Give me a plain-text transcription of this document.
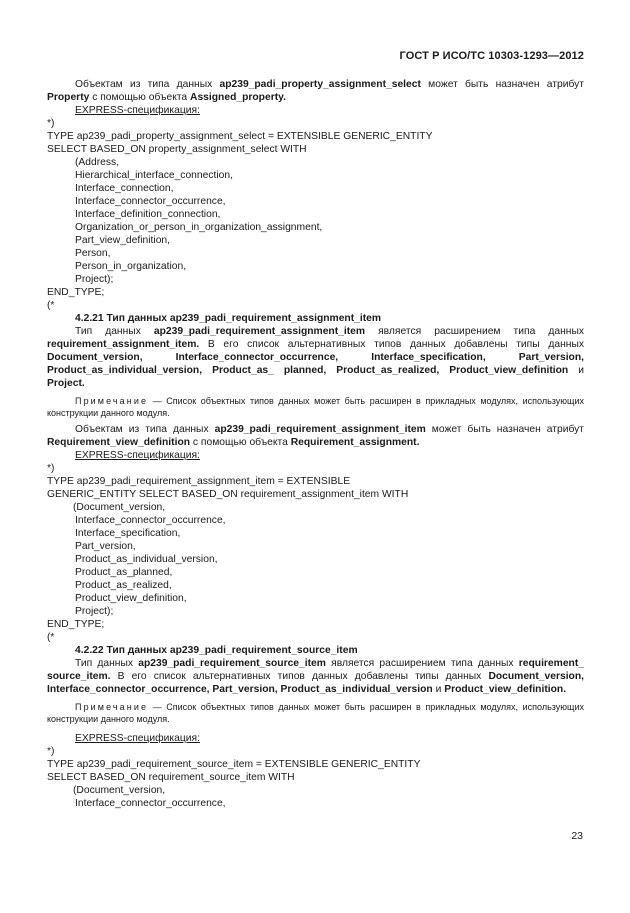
ГОСТ Р ИСО/ТС 10303-1293—2012

Объектам из типа данных ap239_padi_property_assignment_select может быть назначен атрибут Property с помощью объекта Assigned_property.

EXPRESS-спецификация:
*)
TYPE ap239_padi_property_assignment_select = EXTENSIBLE GENERIC_ENTITY
SELECT BASED_ON property_assignment_select WITH
(Address,
Hierarchical_interface_connection,
Interface_connection,
Interface_connector_occurrence,
Interface_definition_connection,
Organization_or_person_in_organization_assignment,
Part_view_definition,
Person,
Person_in_organization,
Project);
END_TYPE;
(*
4.2.21 Тип данных ap239_padi_requirement_assignment_item

Тип данных ap239_padi_requirement_assignment_item является расширением типа данных requirement_assignment_item. В его список альтернативных типов данных добавлены типы данных Document_version, Interface_connector_occurrence, Interface_specification, Part_version, Product_as_individual_version, Product_as_ planned, Product_as_realized, Product_view_definition и Project.

Примечание — Список объектных типов данных может быть расширен в прикладных модулях, использующих конструкции данного модуля.

Объектам из типа данных ap239_padi_requirement_assignment_item может быть назначен атрибут Requirement_view_definition с помощью объекта Requirement_assignment.

EXPRESS-спецификация:
*)
TYPE ap239_padi_requirement_assignment_item = EXTENSIBLE
GENERIC_ENTITY SELECT BASED_ON requirement_assignment_item WITH
(Document_version,
Interface_connector_occurrence,
Interface_specification,
Part_version,
Product_as_individual_version,
Product_as_planned,
Product_as_realized,
Product_view_definition,
Project);
END_TYPE;
(*
4.2.22 Тип данных ap239_padi_requirement_source_item

Тип данных ap239_padi_requirement_source_item является расширением типа данных requirement_ source_item. В его список альтернативных типов данных добавлены типы данных Document_version, Interface_connector_occurrence, Part_version, Product_as_individual_version и Product_view_definition.

Примечание — Список объектных типов данных может быть расширен в прикладных модулях, использующих конструкции данного модуля.

EXPRESS-спецификация:
*)
TYPE ap239_padi_requirement_source_item = EXTENSIBLE GENERIC_ENTITY
SELECT BASED_ON requirement_source_item WITH
(Document_version,
Interface_connector_occurrence,
23
